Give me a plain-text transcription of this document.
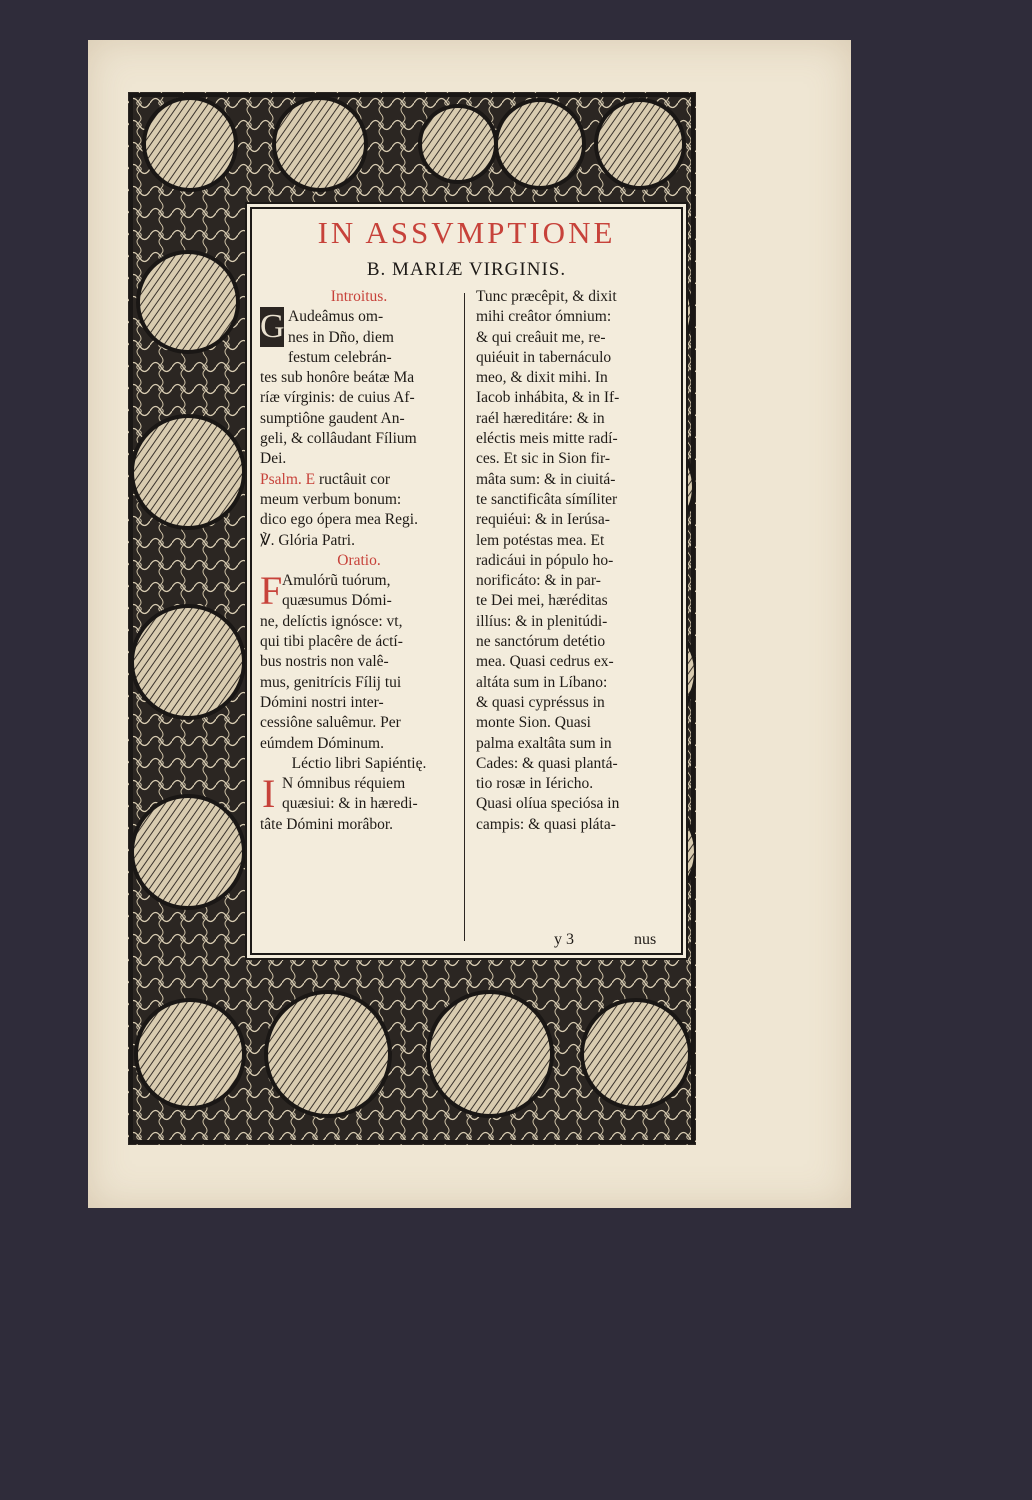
IN ASSVMPTIONE
B. MARIÆ VIRGINIS.
Introitus.
G Audeâmus om-
nes in Dño, diem
festum celebrán-
tes sub honôre beátæ Ma
ríæ vírginis: de cuius Af-
sumptiône gaudent An-
geli, & collâudant Fílium
Dei.
Psalm. E ructâuit cor
meum verbum bonum:
dico ego ópera mea Regi.
℣. Glória Patri.
Oratio.
F Amulórũ tuórum,
quæsumus Dómi-
ne, delíctis ignósce: vt,
qui tibi placêre de áctí-
bus nostris non valê-
mus, genitrícis Fílij tui
Dómini nostri inter-
cessiône saluêmur. Per
eúmdem Dóminum.
Léctio libri Sapiéntię.
I N ómnibus réquiem
quæsiui: & in hæredi-
tâte Dómini morâbor.
Tunc præcêpit, & dixit
mihi creâtor ómnium:
& qui creâuit me, re-
quiéuit in tabernáculo
meo, & dixit mihi. In
Iacob inhábita, & in If-
raél hæreditáre: & in
eléctis meis mitte radí-
ces. Et sic in Sion fir-
mâta sum: & in ciuitá-
te sanctificâta símíliter
requiéui: & in Ierúsa-
lem potéstas mea. Et
radicáui in pópulo ho-
norificáto: & in par-
te Dei mei, hæréditas
illíus: & in plenitúdi-
ne sanctórum detétio
mea. Quasi cedrus ex-
altáta sum in Líbano:
& quasi cypréssus in
monte Sion. Quasi
palma exaltâta sum in
Cades: & quasi plantá-
tio rosæ in Iéricho.
Quasi olíua speciósa in
campis: & quasi pláta-
y 3	nus
